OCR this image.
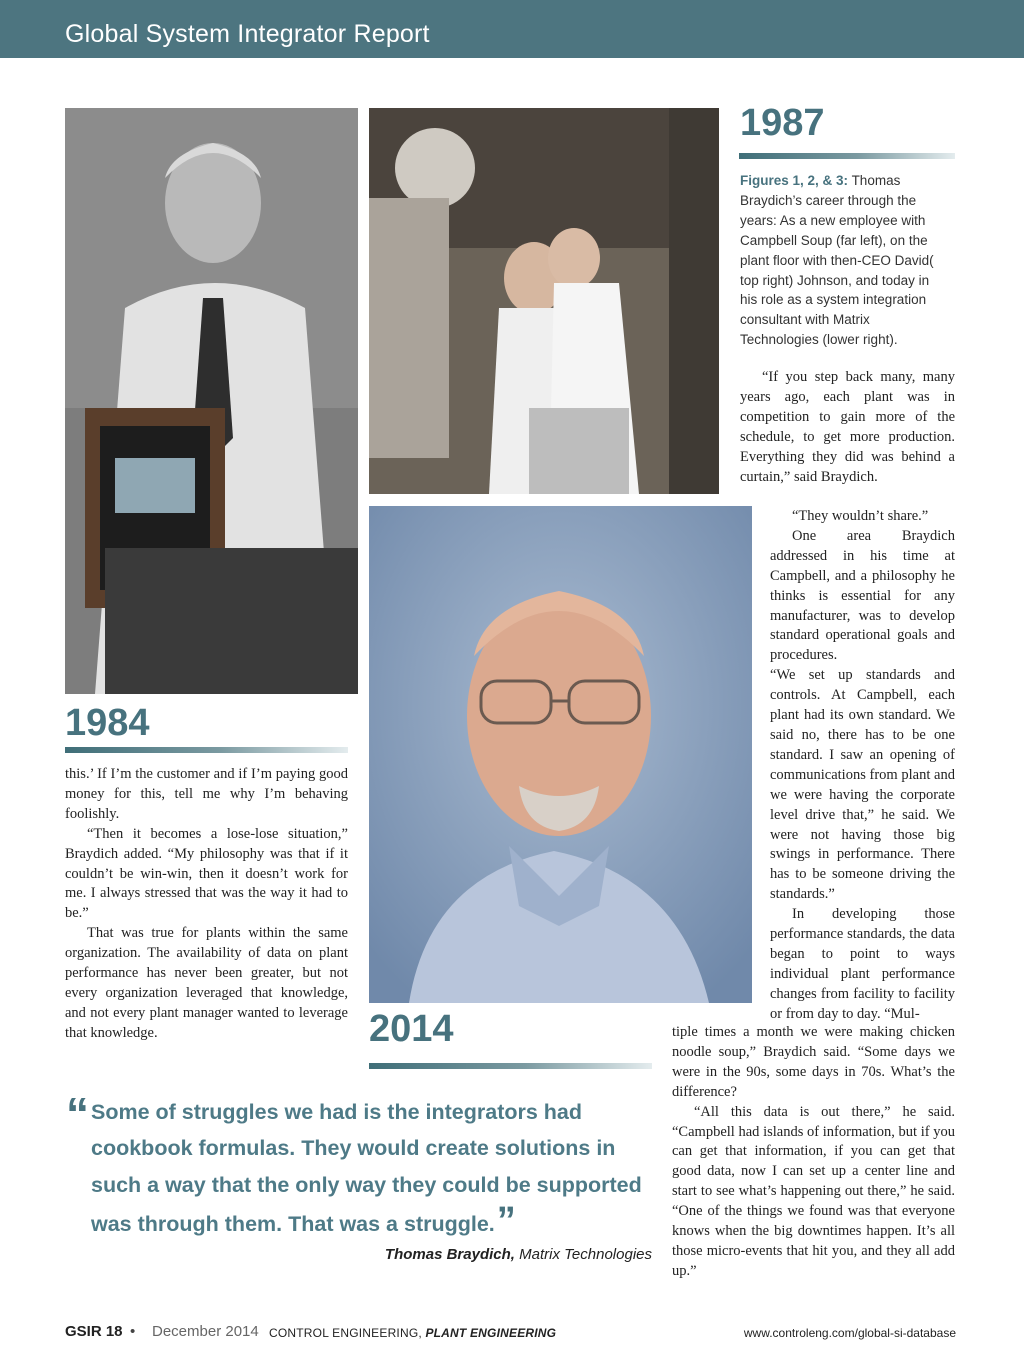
Global System Integrator Report
1987
1984
2014

Figures 1, 2, & 3: Thomas Braydich’s career through the years: As a new employee with Campbell Soup (far left), on the plant floor with then-CEO David( top right) Johnson, and today in his role as a system integration consultant with Matrix Technologies (lower right).

this.’ If I’m the customer and if I’m paying good money for this, tell me why I’m behaving foolishly.

“Then it becomes a lose-lose situation,” Braydich added. “My philosophy was that if it couldn’t be win-win, then it doesn’t work for me. I always stressed that was the way it had to be.”

That was true for plants within the same organization. The availability of data on plant performance has never been greater, but not every organization leveraged that knowledge, and not every plant manager wanted to leverage that knowledge.

“If you step back many, many years ago, each plant was in competition to gain more of the schedule, to get more production. Everything they did was behind a curtain,” said Braydich.

“They wouldn’t share.”

One area Braydich addressed in his time at Campbell, and a philosophy he thinks is essential for any manufacturer, was to develop standard operational goals and procedures.

“We set up standards and controls. At Campbell, each plant had its own standard. We said no, there has to be one standard. I saw an opening of communications from plant and we were having the corporate level drive that,” he said. We were not having those big swings in performance. There has to be someone driving the standards.”

In developing those performance standards, the data began to point to ways individual plant performance changes from facility to facility or from day to day. “Mul-

tiple times a month we were making chicken noodle soup,” Braydich said. “Some days we were in the 90s, some days in 70s. What’s the difference?

“All this data is out there,” he said. “Campbell had islands of information, but if you can get that information, if you can get that good data, now I can set up a center line and start to see what’s happening out there,” he said. “One of the things we found was that everyone knows when the big downtimes happen. It’s all those micro-events that hit you, and they all add up.”

“ Some of struggles we had is the integrators had cookbook formulas. They would create solutions in such a way that the only way they could be supported was through them. That was a struggle.”
Thomas Braydich, Matrix Technologies
GSIR 18 • December 2014 CONTROL ENGINEERING, PLANT ENGINEERING	www.controleng.com/global-si-database
